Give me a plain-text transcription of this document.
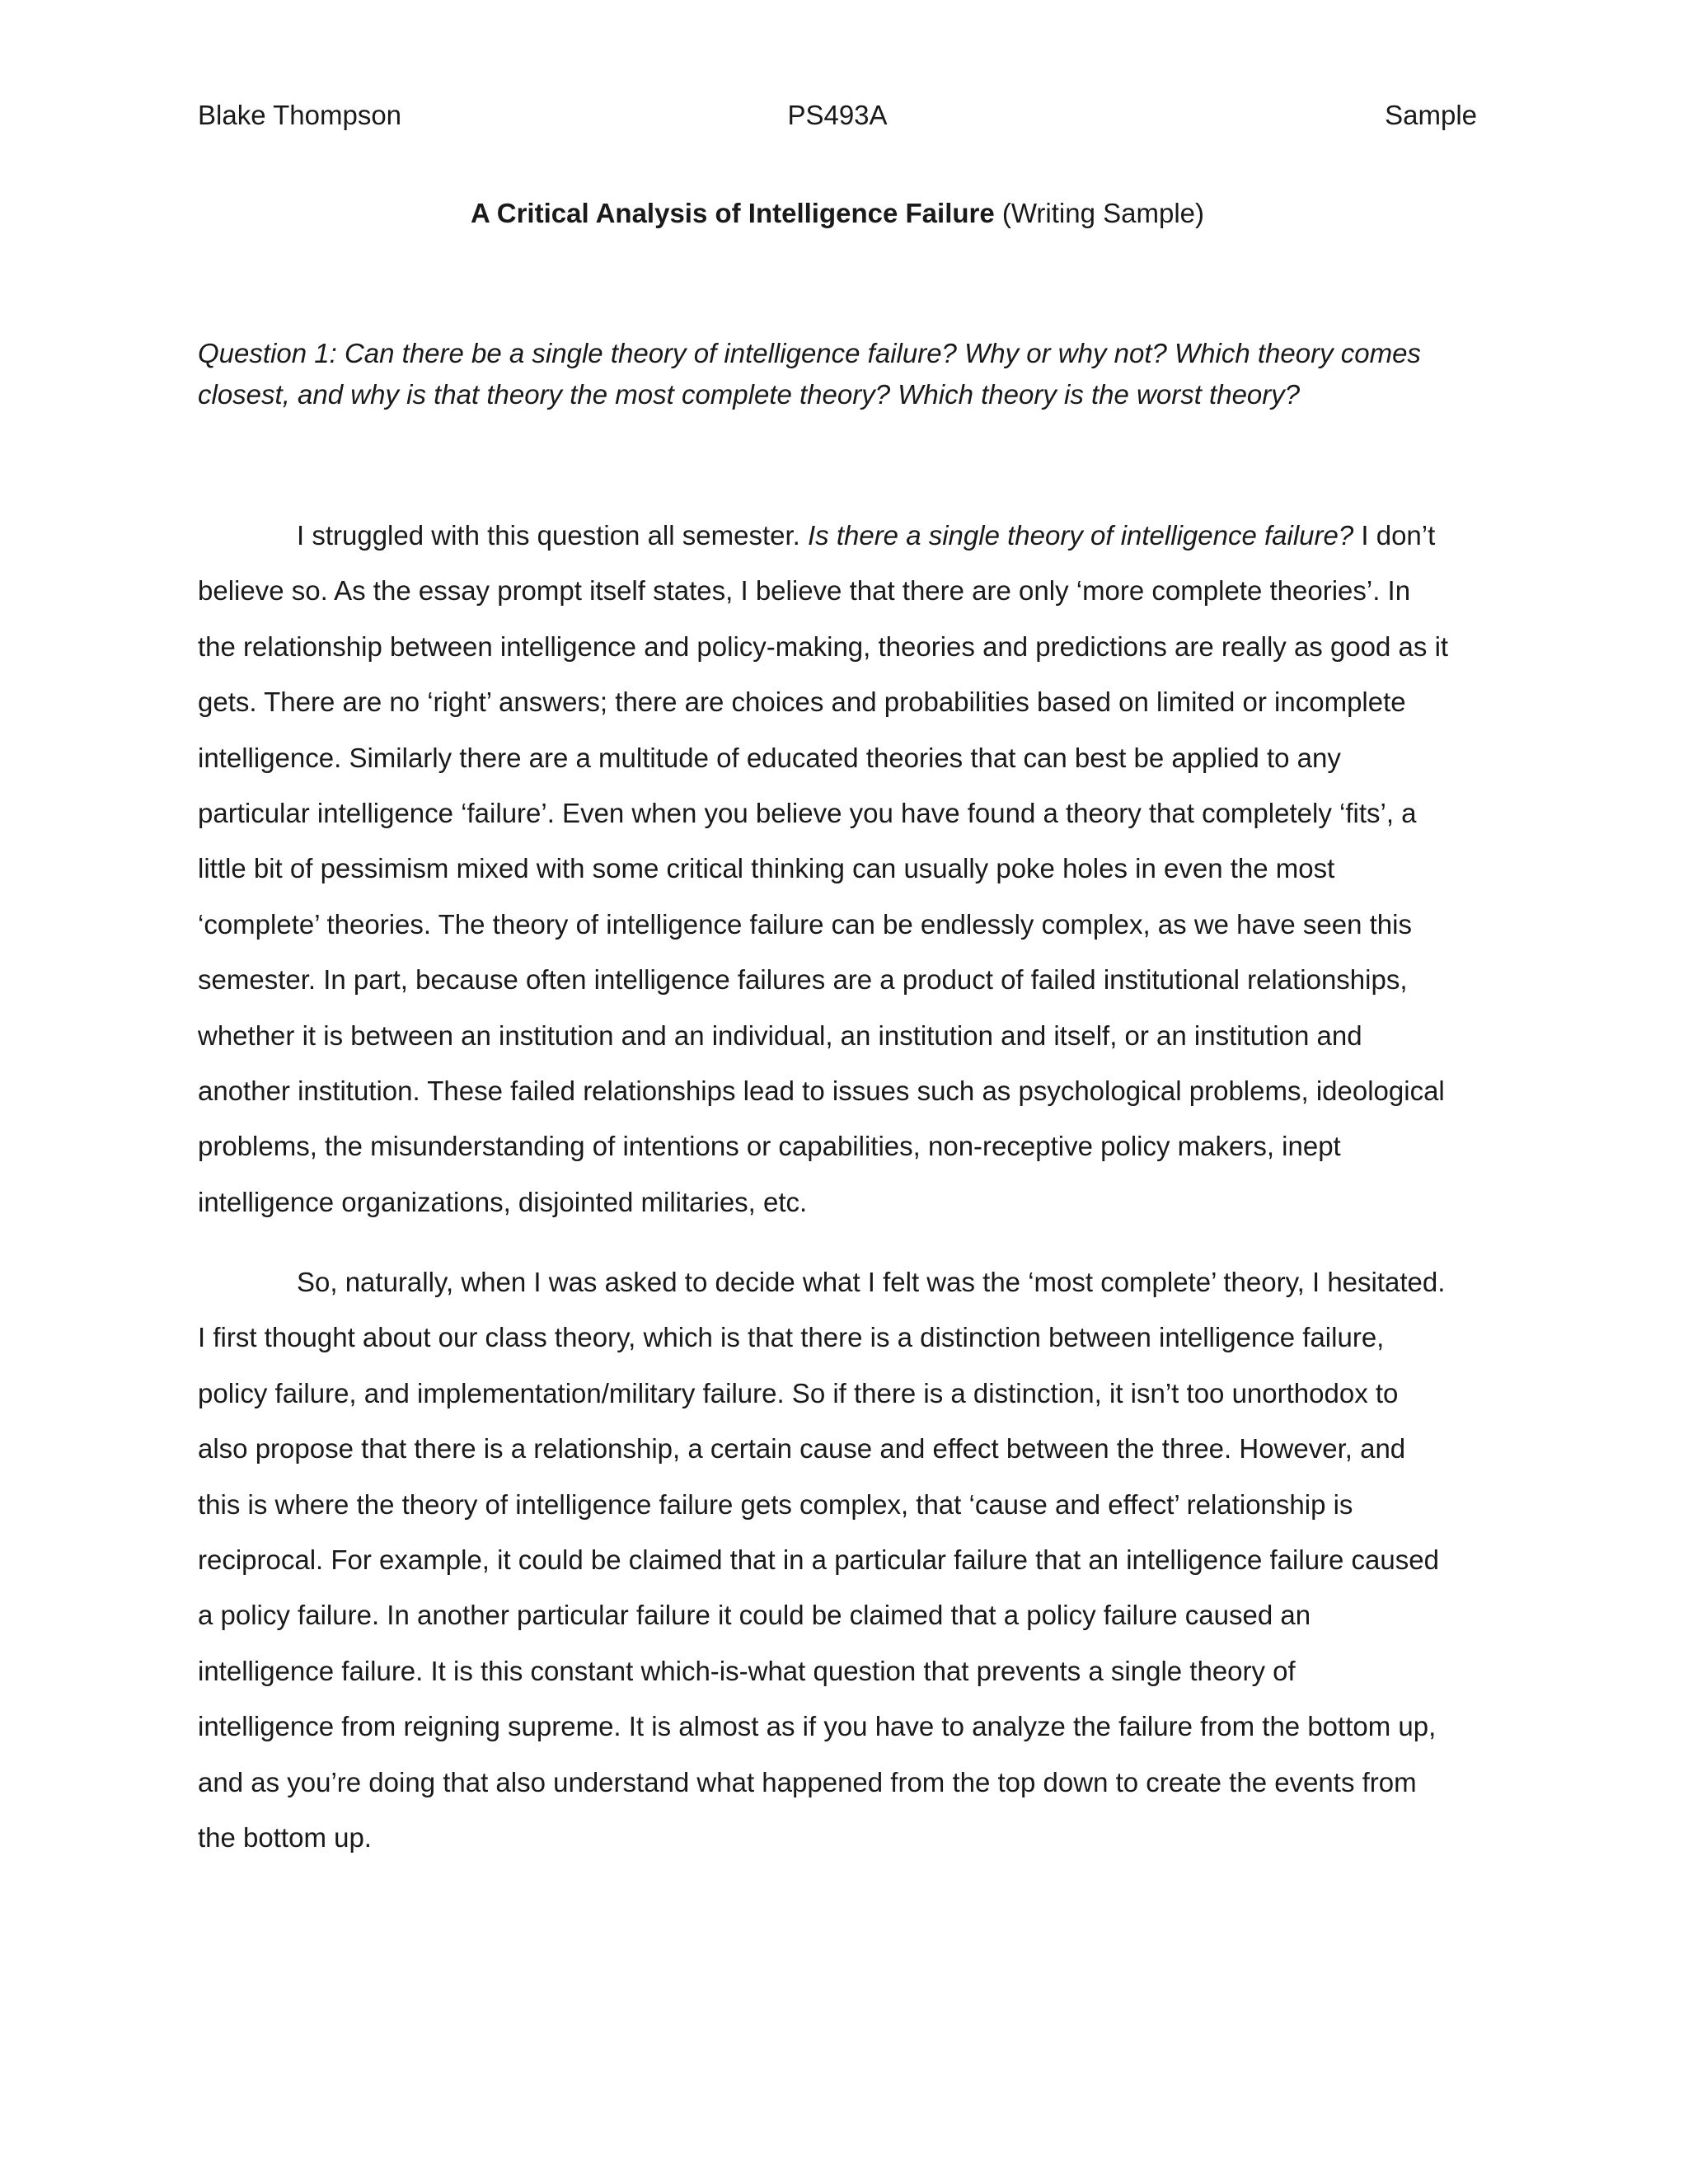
Blake Thompson	PS493A	Sample
A Critical Analysis of Intelligence Failure (Writing Sample)
Question 1: Can there be a single theory of intelligence failure? Why or why not? Which theory comes
closest, and why is that theory the most complete theory? Which theory is the worst theory?
I struggled with this question all semester. Is there a single theory of intelligence failure? I don’t
believe so. As the essay prompt itself states, I believe that there are only ‘more complete theories’. In
the relationship between intelligence and policy-making, theories and predictions are really as good as it
gets. There are no ‘right’ answers; there are choices and probabilities based on limited or incomplete
intelligence. Similarly there are a multitude of educated theories that can best be applied to any
particular intelligence ‘failure’. Even when you believe you have found a theory that completely ‘fits’, a
little bit of pessimism mixed with some critical thinking can usually poke holes in even the most
‘complete’ theories. The theory of intelligence failure can be endlessly complex, as we have seen this
semester. In part, because often intelligence failures are a product of failed institutional relationships,
whether it is between an institution and an individual, an institution and itself, or an institution and
another institution. These failed relationships lead to issues such as psychological problems, ideological
problems, the misunderstanding of intentions or capabilities, non-receptive policy makers, inept
intelligence organizations, disjointed militaries, etc.
So, naturally, when I was asked to decide what I felt was the ‘most complete’ theory, I hesitated.
I first thought about our class theory, which is that there is a distinction between intelligence failure,
policy failure, and implementation/military failure. So if there is a distinction, it isn’t too unorthodox to
also propose that there is a relationship, a certain cause and effect between the three. However, and
this is where the theory of intelligence failure gets complex, that ‘cause and effect’ relationship is
reciprocal. For example, it could be claimed that in a particular failure that an intelligence failure caused
a policy failure. In another particular failure it could be claimed that a policy failure caused an
intelligence failure. It is this constant which-is-what question that prevents a single theory of
intelligence from reigning supreme. It is almost as if you have to analyze the failure from the bottom up,
and as you’re doing that also understand what happened from the top down to create the events from
the bottom up.
